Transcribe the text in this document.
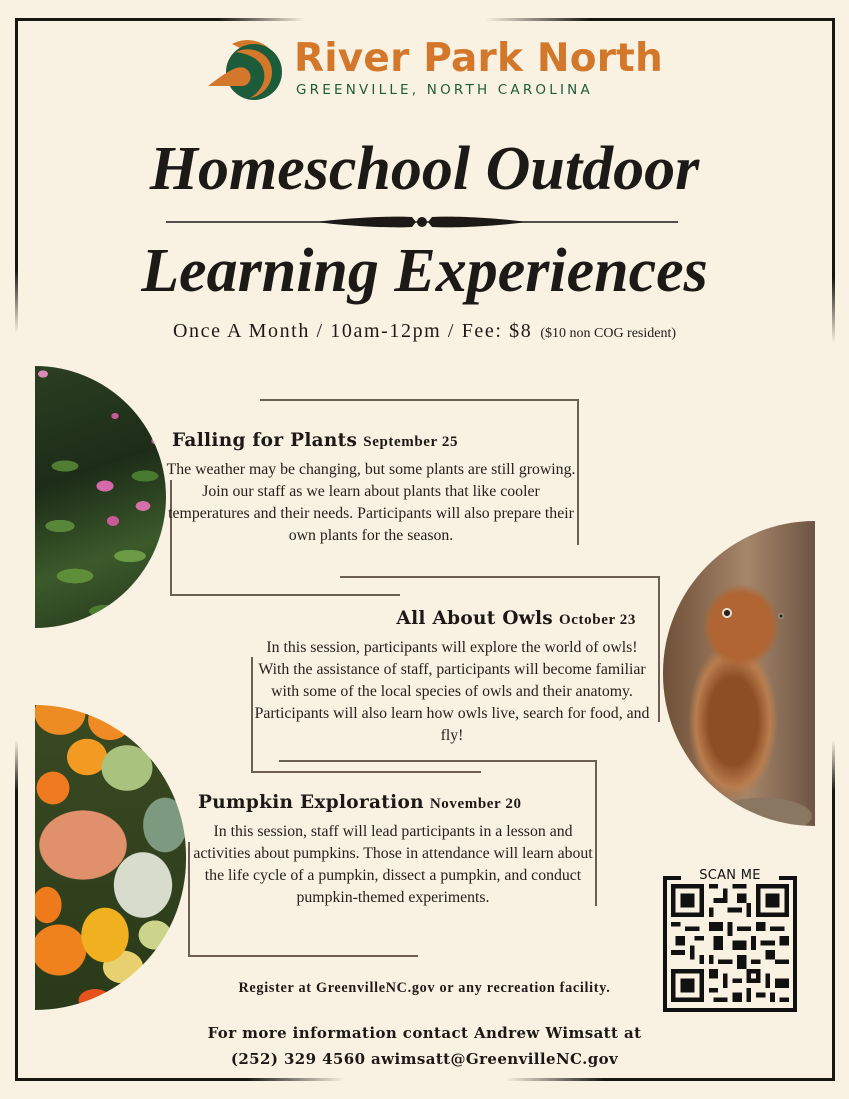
River Park North
GREENVILLE, NORTH CAROLINA
Homeschool Outdoor
Learning Experiences
Once A Month / 10am-12pm / Fee: $8 ($10 non COG resident)
Falling for Plants September 25

The weather may be changing, but some plants are still growing. Join our staff as we learn about plants that like cooler temperatures and their needs. Participants will also prepare their own plants for the season.

All About Owls October 23

In this session, participants will explore the world of owls! With the assistance of staff, participants will become familiar with some of the local species of owls and their anatomy. Participants will also learn how owls live, search for food, and fly!

Pumpkin Exploration November 20

In this session, staff will lead participants in a lesson and activities about pumpkins. Those in attendance will learn about the life cycle of a pumpkin, dissect a pumpkin, and conduct pumpkin-themed experiments.

SCAN ME

Register at GreenvilleNC.gov or any recreation facility.

For more information contact Andrew Wimsatt at

(252) 329 4560 awimsatt@GreenvilleNC.gov
